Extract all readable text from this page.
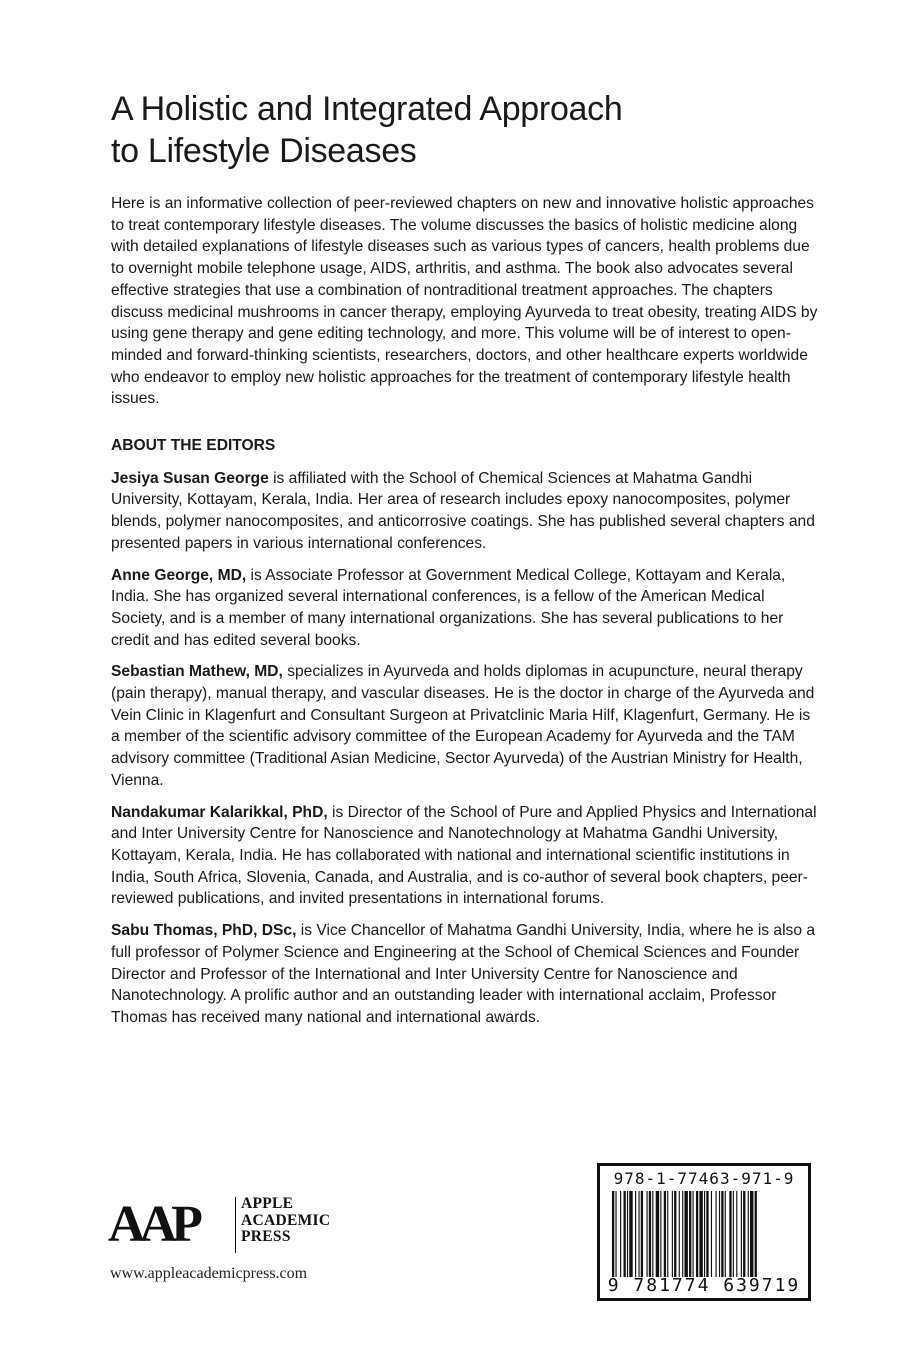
A Holistic and Integrated Approach
to Lifestyle Diseases

Here is an informative collection of peer-reviewed chapters on new and innovative holistic approaches to treat contemporary lifestyle diseases. The volume discusses the basics of holistic medicine along with detailed explanations of lifestyle diseases such as various types of cancers, health problems due to overnight mobile telephone usage, AIDS, arthritis, and asthma. The book also advocates several effective strategies that use a combination of nontraditional treatment approaches. The chapters discuss medicinal mushrooms in cancer therapy, employing Ayurveda to treat obesity, treating AIDS by using gene therapy and gene editing technology, and more. This volume will be of interest to open-minded and forward-thinking scientists, researchers, doctors, and other healthcare experts worldwide who endeavor to employ new holistic approaches for the treatment of contemporary lifestyle health issues.

ABOUT THE EDITORS

Jesiya Susan George is affiliated with the School of Chemical Sciences at Mahatma Gandhi University, Kottayam, Kerala, India. Her area of research includes epoxy nanocomposites, polymer blends, polymer nanocomposites, and anticorrosive coatings. She has published several chapters and presented papers in various international conferences.

Anne George, MD, is Associate Professor at Government Medical College, Kottayam and Kerala, India. She has organized several international conferences, is a fellow of the American Medical Society, and is a member of many international organizations. She has several publications to her credit and has edited several books.

Sebastian Mathew, MD, specializes in Ayurveda and holds diplomas in acupuncture, neural therapy (pain therapy), manual therapy, and vascular diseases. He is the doctor in charge of the Ayurveda and Vein Clinic in Klagenfurt and Consultant Surgeon at Privatclinic Maria Hilf, Klagenfurt, Germany. He is a member of the scientific advisory committee of the European Academy for Ayurveda and the TAM advisory committee (Traditional Asian Medicine, Sector Ayurveda) of the Austrian Ministry for Health, Vienna.

Nandakumar Kalarikkal, PhD, is Director of the School of Pure and Applied Physics and International and Inter University Centre for Nanoscience and Nanotechnology at Mahatma Gandhi University, Kottayam, Kerala, India. He has collaborated with national and international scientific institutions in India, South Africa, Slovenia, Canada, and Australia, and is co-author of several book chapters, peer-reviewed publications, and invited presentations in international forums.

Sabu Thomas, PhD, DSc, is Vice Chancellor of Mahatma Gandhi University, India, where he is also a full professor of Polymer Science and Engineering at the School of Chemical Sciences and Founder Director and Professor of the International and Inter University Centre for Nanoscience and Nanotechnology. A prolific author and an outstanding leader with international acclaim, Professor Thomas has received many national and international awards.

AAP	APPLE
ACADEMIC
PRESS
www.appleacademicpress.com
978-1-77463-971-9
9 781774 639719
